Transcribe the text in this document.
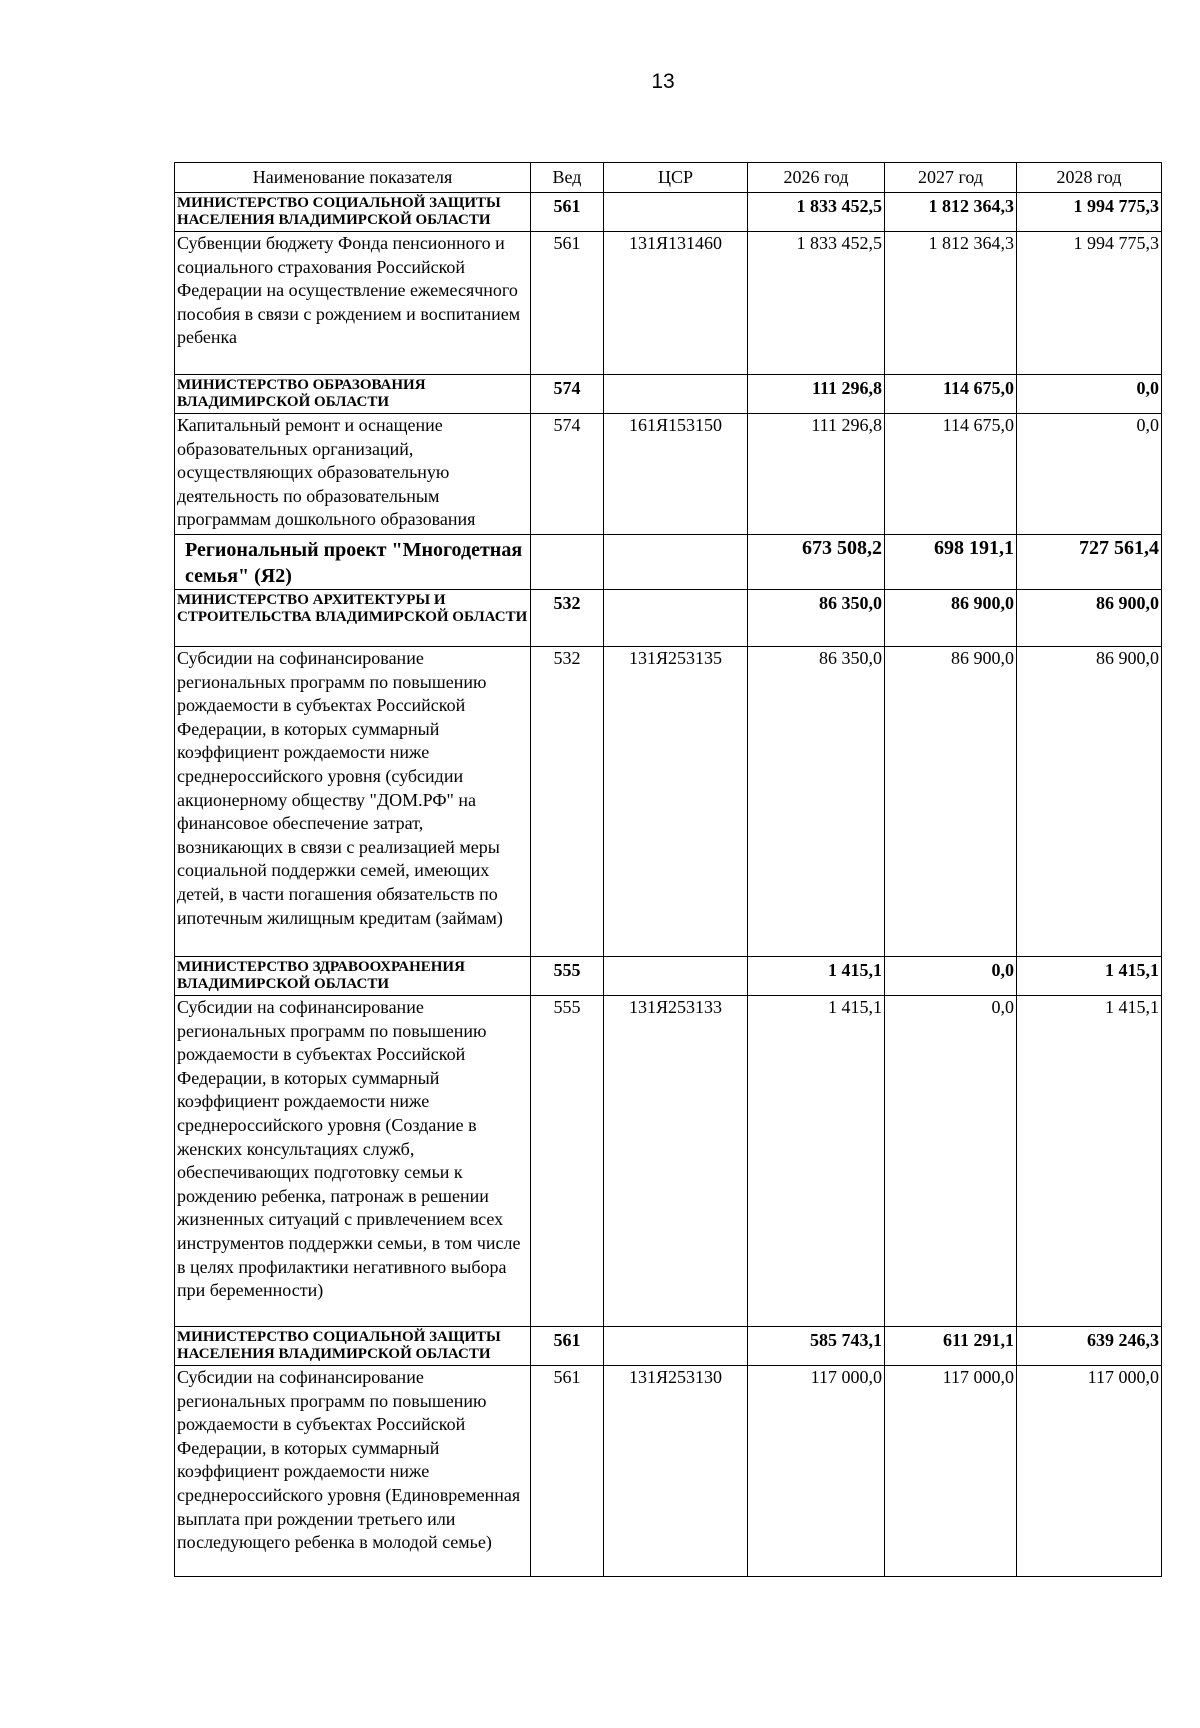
13
Наименование показателя	Вед	ЦСР	2026 год	2027 год	2028 год
МИНИСТЕРСТВО СОЦИАЛЬНОЙ ЗАЩИТЫ НАСЕЛЕНИЯ ВЛАДИМИРСКОЙ ОБЛАСТИ	561		1 833 452,5	1 812 364,3	1 994 775,3
Субвенции бюджету Фонда пенсионного и социального страхования Российской Федерации на осуществление ежемесячного пособия в связи с рождением и воспитанием ребенка	561	131Я131460	1 833 452,5	1 812 364,3	1 994 775,3
МИНИСТЕРСТВО ОБРАЗОВАНИЯ ВЛАДИМИРСКОЙ ОБЛАСТИ	574		111 296,8	114 675,0	0,0
Капитальный ремонт и оснащение образовательных организаций, осуществляющих образовательную деятельность по образовательным программам дошкольного образования	574	161Я153150	111 296,8	114 675,0	0,0
Региональный проект "Многодетная семья" (Я2)			673 508,2	698 191,1	727 561,4
МИНИСТЕРСТВО АРХИТЕКТУРЫ И СТРОИТЕЛЬСТВА ВЛАДИМИРСКОЙ ОБЛАСТИ	532		86 350,0	86 900,0	86 900,0
Субсидии на софинансирование региональных программ по повышению рождаемости в субъектах Российской Федерации, в которых суммарный коэффициент рождаемости ниже среднероссийского уровня (субсидии акционерному обществу "ДОМ.РФ" на финансовое обеспечение затрат, возникающих в связи с реализацией меры социальной поддержки семей, имеющих детей, в части погашения обязательств по ипотечным жилищным кредитам (займам)	532	131Я253135	86 350,0	86 900,0	86 900,0
МИНИСТЕРСТВО ЗДРАВООХРАНЕНИЯ ВЛАДИМИРСКОЙ ОБЛАСТИ	555		1 415,1	0,0	1 415,1
Субсидии на софинансирование региональных программ по повышению рождаемости в субъектах Российской Федерации, в которых суммарный коэффициент рождаемости ниже среднероссийского уровня (Создание в женских консультациях служб, обеспечивающих подготовку семьи к рождению ребенка, патронаж в решении жизненных ситуаций с привлечением всех инструментов поддержки семьи, в том числе в целях профилактики негативного выбора при беременности)	555	131Я253133	1 415,1	0,0	1 415,1
МИНИСТЕРСТВО СОЦИАЛЬНОЙ ЗАЩИТЫ НАСЕЛЕНИЯ ВЛАДИМИРСКОЙ ОБЛАСТИ	561		585 743,1	611 291,1	639 246,3
Субсидии на софинансирование региональных программ по повышению рождаемости в субъектах Российской Федерации, в которых суммарный коэффициент рождаемости ниже среднероссийского уровня (Единовременная выплата при рождении третьего или последующего ребенка в молодой семье)	561	131Я253130	117 000,0	117 000,0	117 000,0
